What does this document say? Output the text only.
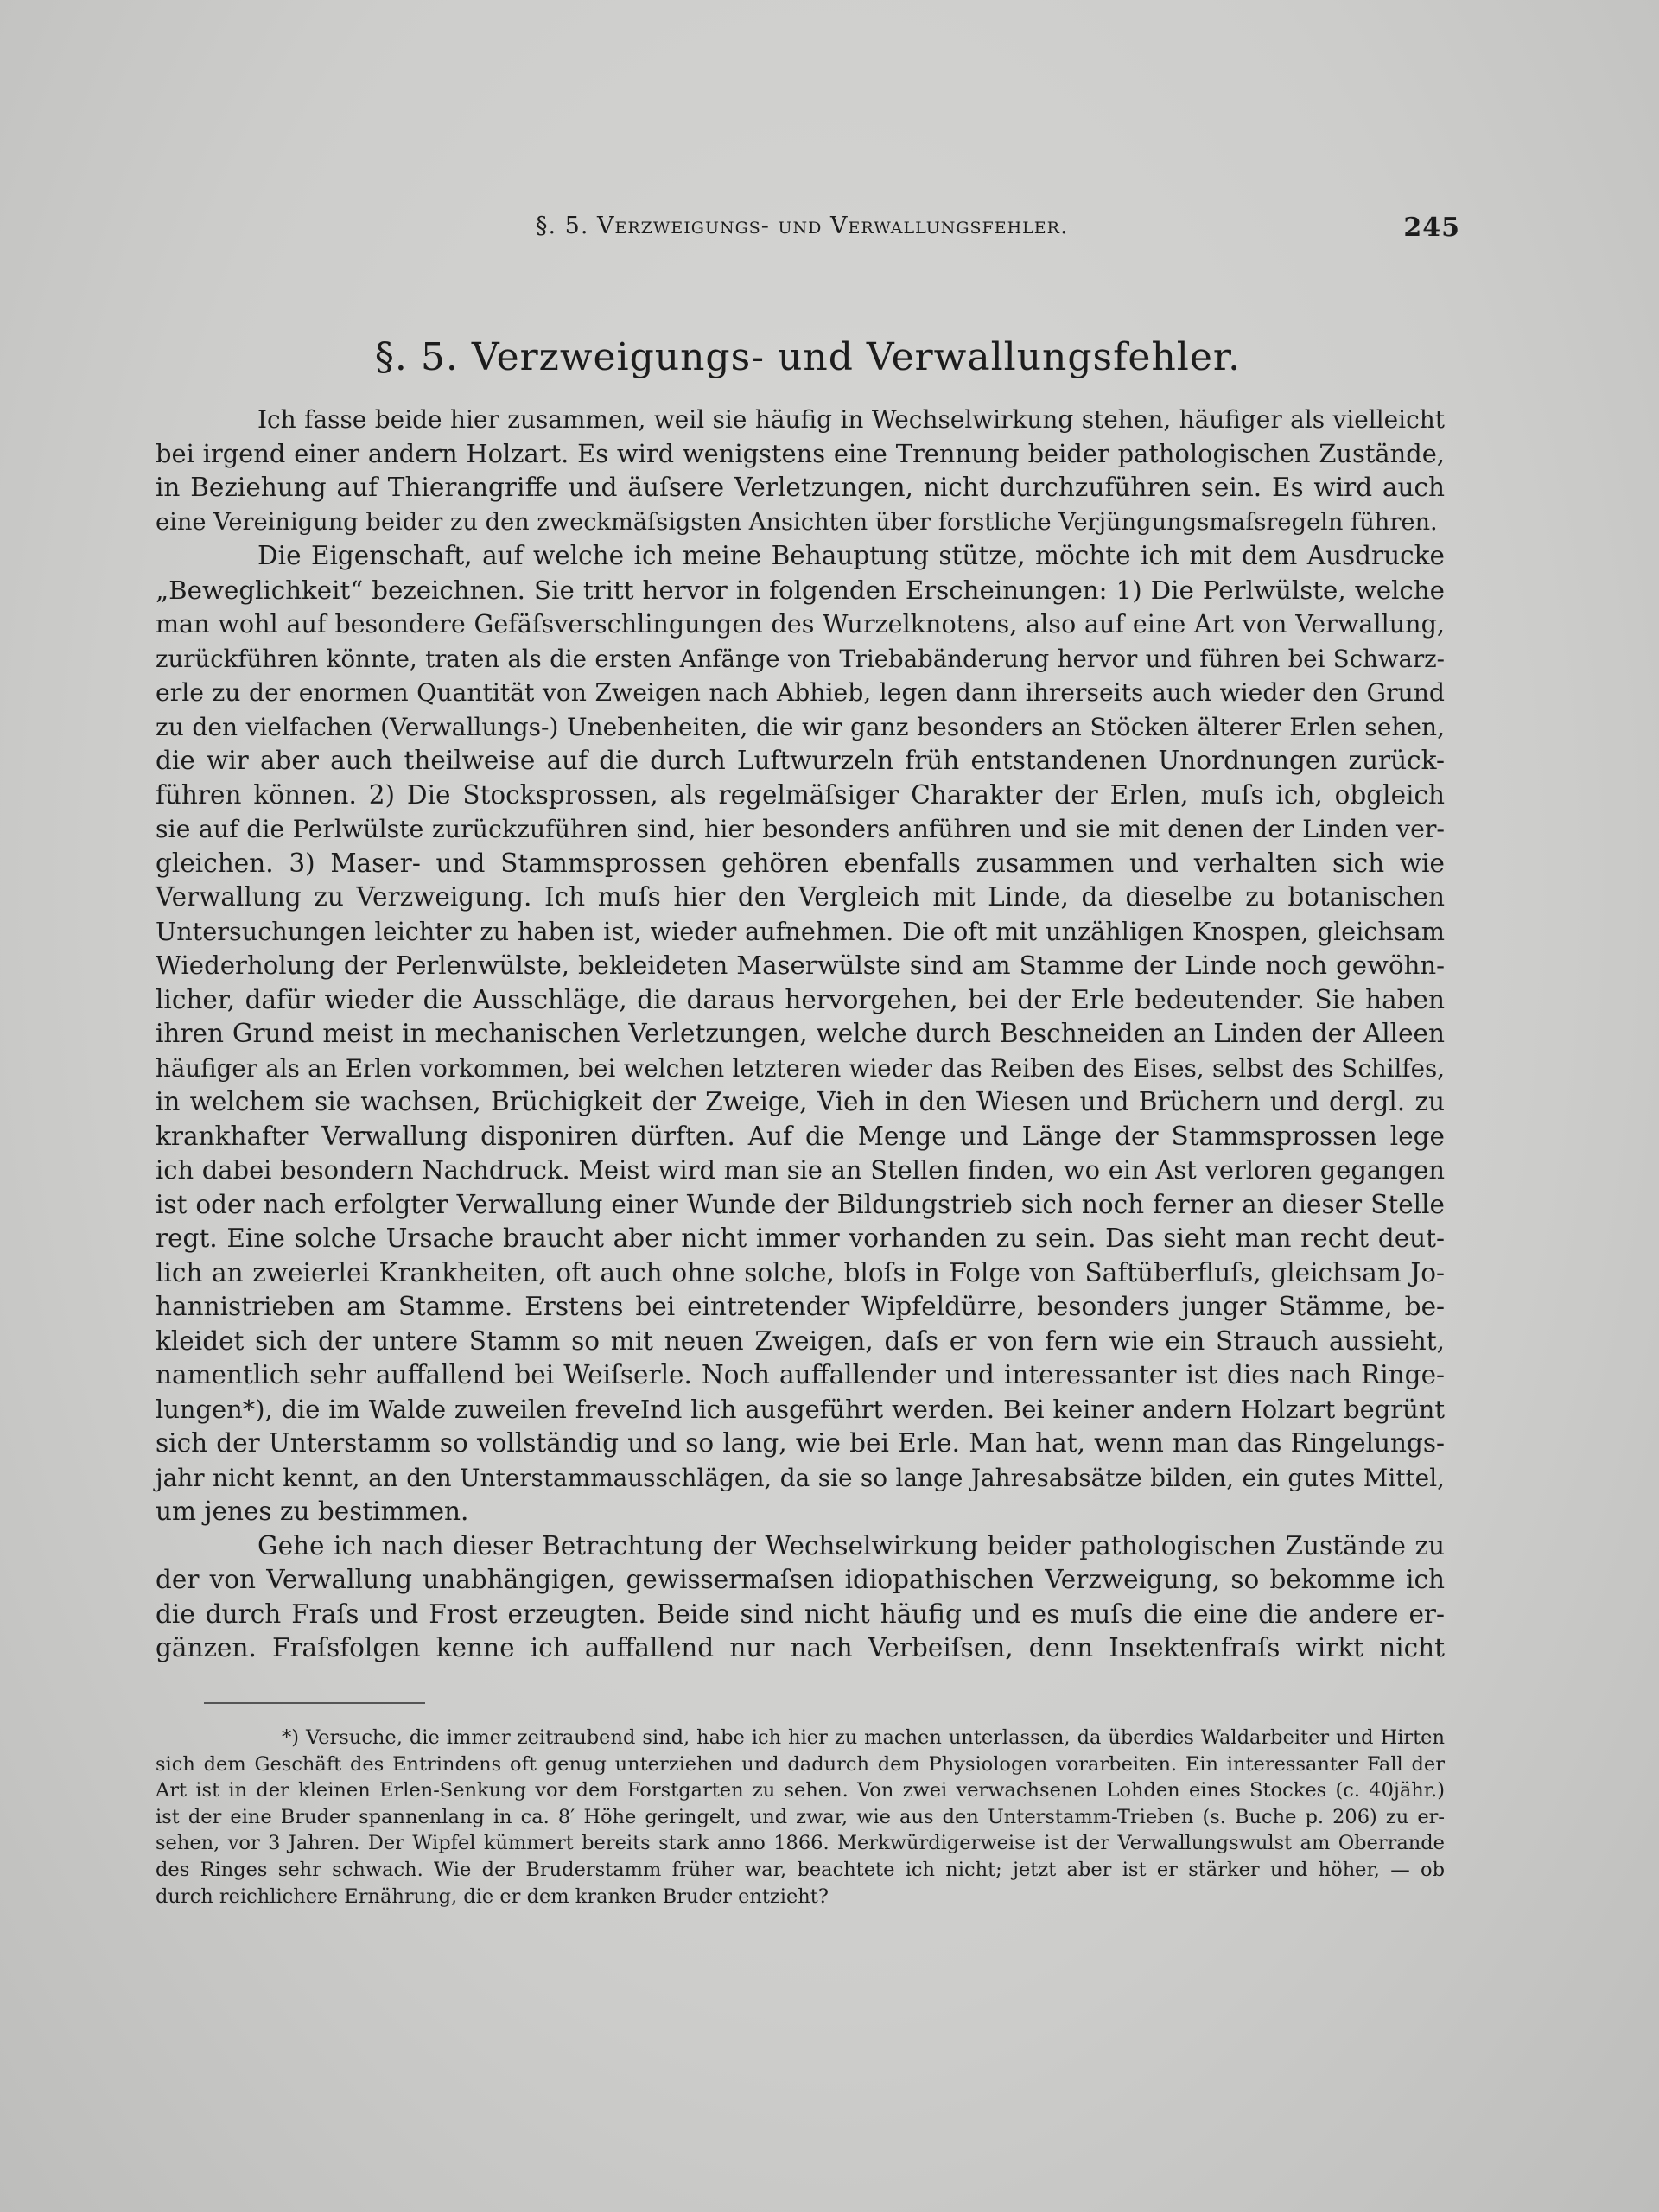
§. 5. Verzweigungs- und Verwallungsfehler.	245
§. 5. Verzweigungs- und Verwallungsfehler.
Ich fasse beide hier zusammen, weil sie häufig in Wechselwirkung stehen, häufiger als vielleicht
bei irgend einer andern Holzart. Es wird wenigstens eine Trennung beider pathologischen Zustände,
in Beziehung auf Thierangriffe und äuſsere Verletzungen, nicht durchzuführen sein. Es wird auch
eine Vereinigung beider zu den zweckmäſsigsten Ansichten über forstliche Verjüngungsmaſsregeln führen.
Die Eigenschaft, auf welche ich meine Behauptung stütze, möchte ich mit dem Ausdrucke
„Beweglichkeit“ bezeichnen. Sie tritt hervor in folgenden Erscheinungen: 1) Die Perlwülste, welche
man wohl auf besondere Gefäſsverschlingungen des Wurzelknotens, also auf eine Art von Verwallung,
zurückführen könnte, traten als die ersten Anfänge von Triebabänderung hervor und führen bei Schwarz-
erle zu der enormen Quantität von Zweigen nach Abhieb, legen dann ihrerseits auch wieder den Grund
zu den vielfachen (Verwallungs-) Unebenheiten, die wir ganz besonders an Stöcken älterer Erlen sehen,
die wir aber auch theilweise auf die durch Luftwurzeln früh entstandenen Unordnungen zurück-
führen können. 2) Die Stocksprossen, als regelmäſsiger Charakter der Erlen, muſs ich, obgleich
sie auf die Perlwülste zurückzuführen sind, hier besonders anführen und sie mit denen der Linden ver-
gleichen. 3) Maser- und Stammsprossen gehören ebenfalls zusammen und verhalten sich wie
Verwallung zu Verzweigung. Ich muſs hier den Vergleich mit Linde, da dieselbe zu botanischen
Untersuchungen leichter zu haben ist, wieder aufnehmen. Die oft mit unzähligen Knospen, gleichsam
Wiederholung der Perlenwülste, bekleideten Maserwülste sind am Stamme der Linde noch gewöhn-
licher, dafür wieder die Ausschläge, die daraus hervorgehen, bei der Erle bedeutender. Sie haben
ihren Grund meist in mechanischen Verletzungen, welche durch Beschneiden an Linden der Alleen
häufiger als an Erlen vorkommen, bei welchen letzteren wieder das Reiben des Eises, selbst des Schilfes,
in welchem sie wachsen, Brüchigkeit der Zweige, Vieh in den Wiesen und Brüchern und dergl. zu
krankhafter Verwallung disponiren dürften. Auf die Menge und Länge der Stammsprossen lege
ich dabei besondern Nachdruck. Meist wird man sie an Stellen finden, wo ein Ast verloren gegangen
ist oder nach erfolgter Verwallung einer Wunde der Bildungstrieb sich noch ferner an dieser Stelle
regt. Eine solche Ursache braucht aber nicht immer vorhanden zu sein. Das sieht man recht deut-
lich an zweierlei Krankheiten, oft auch ohne solche, bloſs in Folge von Saftüberfluſs, gleichsam Jo-
hannistrieben am Stamme. Erstens bei eintretender Wipfeldürre, besonders junger Stämme, be-
kleidet sich der untere Stamm so mit neuen Zweigen, daſs er von fern wie ein Strauch aussieht,
namentlich sehr auffallend bei Weiſserle. Noch auffallender und interessanter ist dies nach Ringe-
lungen*), die im Walde zuweilen freveInd lich ausgeführt werden. Bei keiner andern Holzart begrünt
sich der Unterstamm so vollständig und so lang, wie bei Erle. Man hat, wenn man das Ringelungs-
jahr nicht kennt, an den Unterstammausschlägen, da sie so lange Jahresabsätze bilden, ein gutes Mittel,
um jenes zu bestimmen.
Gehe ich nach dieser Betrachtung der Wechselwirkung beider pathologischen Zustände zu
der von Verwallung unabhängigen, gewissermaſsen idiopathischen Verzweigung, so bekomme ich
die durch Fraſs und Frost erzeugten. Beide sind nicht häufig und es muſs die eine die andere er-
gänzen. Fraſsfolgen kenne ich auffallend nur nach Verbeiſsen, denn Insektenfraſs wirkt nicht
*) Versuche, die immer zeitraubend sind, habe ich hier zu machen unterlassen, da überdies Waldarbeiter und Hirten
sich dem Geschäft des Entrindens oft genug unterziehen und dadurch dem Physiologen vorarbeiten. Ein interessanter Fall der
Art ist in der kleinen Erlen-Senkung vor dem Forstgarten zu sehen. Von zwei verwachsenen Lohden eines Stockes (c. 40jähr.)
ist der eine Bruder spannenlang in ca. 8′ Höhe geringelt, und zwar, wie aus den Unterstamm-Trieben (s. Buche p. 206) zu er-
sehen, vor 3 Jahren. Der Wipfel kümmert bereits stark anno 1866. Merkwürdigerweise ist der Verwallungswulst am Oberrande
des Ringes sehr schwach. Wie der Bruderstamm früher war, beachtete ich nicht; jetzt aber ist er stärker und höher, — ob
durch reichlichere Ernährung, die er dem kranken Bruder entzieht?
